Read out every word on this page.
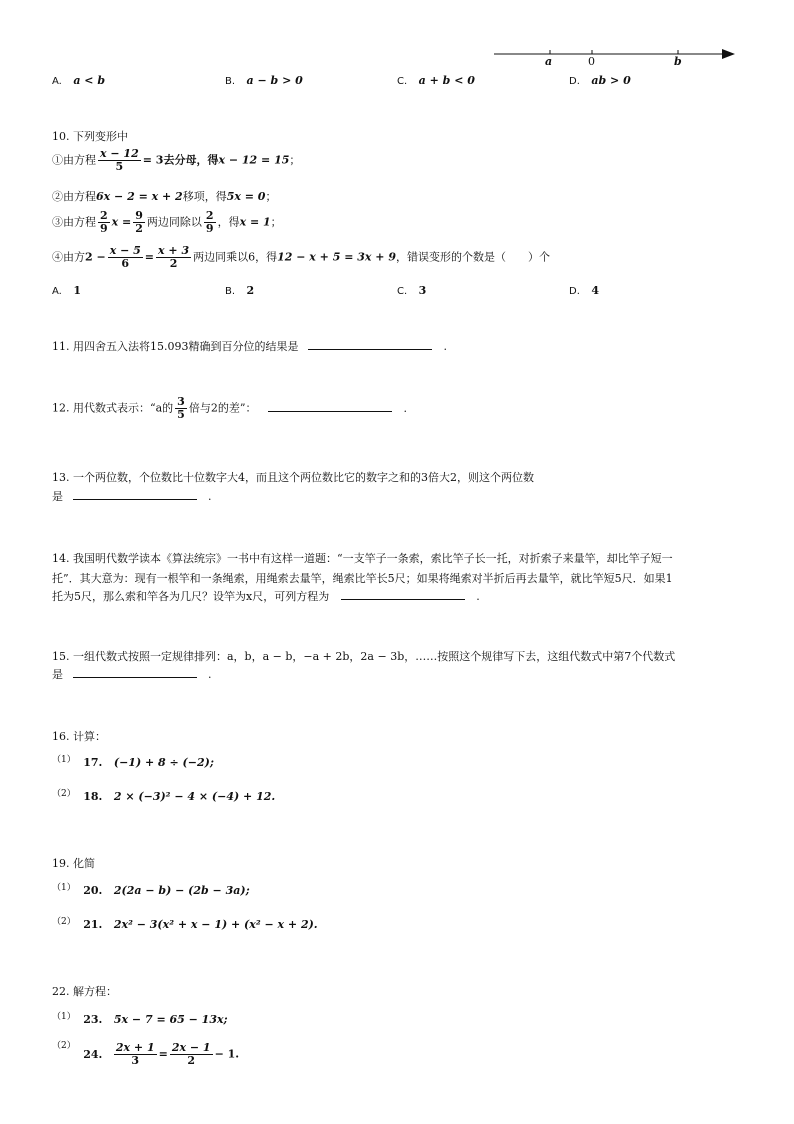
a	0	b
A. a < b	B. a − b > 0	C. a + b < 0	D. ab > 0
10. 下列变形中
①由方程 $\frac{x - 12}{5} = 3$去分母，得x − 12 = 15；
②由方程6x − 2 = x + 2移项，得5x = 0；
③由方程 $\frac{2}{9}$ $x = \frac{9}{2}$ 两边同除以 $\frac{2}{9}$ ，得x = 1；
④由方$2 - \frac{x - 5}{6} = \frac{x + 3}{2}$ 两边同乘以6，得12 − x + 5 = 3x + 9，错误变形的个数是（　　）个
A. 1	B. 2	C. 3	D. 4
11. 用四舍五入法将15.093精确到百分位的结果是	.
12. 用代数式表示：“a的 $\frac{3}{5}$ 倍与2的差”：	.
13. 一个两位数，个位数比十位数字大4，而且这个两位数比它的数字之和的3倍大2，则这个两位数
是	.
14. 我国明代数学读本《算法统宗》一书中有这样一道题：“一支竿子一条索，索比竿子长一托，对折索子来量竿，却比竿子短一
托”．其大意为：现有一根竿和一条绳索，用绳索去量竿，绳索比竿长5尺；如果将绳索对半折后再去量竿，就比竿短5尺．如果1
托为5尺，那么索和竿各为几尺？设竿为x尺，可列方程为	.
15. 一组代数式按照一定规律排列：a，b，a − b，−a + 2b，2a − 3b，……按照这个规律写下去，这组代数式中第7个代数式
是	.
16. 计算：
$^{(1)}$ 17. (−1) + 8 ÷ (−2);
$^{(2)}$ 18. 2 × (−3)² − 4 × (−4) + 12.
19. 化简
$^{(1)}$ 20. 2(2a − b) − (2b − 3a);
$^{(2)}$ 21. 2x² − 3(x² + x − 1) + (x² − x + 2).
22. 解方程：
$^{(1)}$ 23. 5x − 7 = 65 − 13x;
$^{(2)}$ 24. $\frac{2x + 1}{3} = \frac{2x - 1}{2} - 1$.
